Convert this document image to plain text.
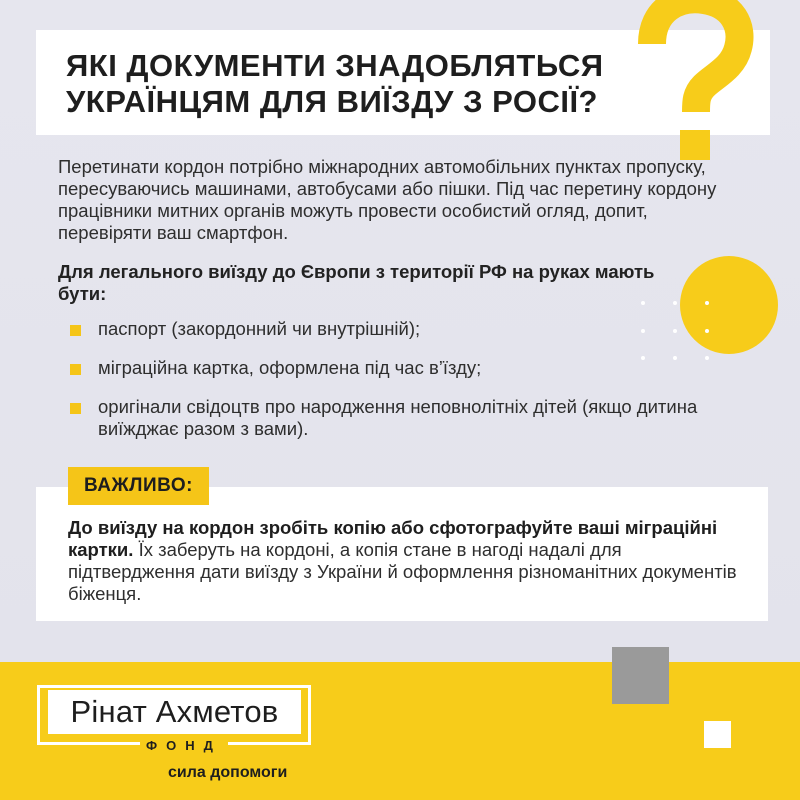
ЯКІ ДОКУМЕНТИ ЗНАДОБЛЯТЬСЯ
УКРАЇНЦЯМ ДЛЯ ВИЇЗДУ З РОСІЇ?

Перетинати кордон потрібно міжнародних автомобільних пунктах пропуску, пересуваючись машинами, автобусами або пішки. Під час перетину кордону працівники митних органів можуть провести особистий огляд, допит, перевіряти ваш смартфон.

Для легального виїзду до Європи з території РФ на руках мають бути:

паспорт (закордонний чи внутрішній);
міграційна картка, оформлена під час в’їзду;
оригінали свідоцтв про народження неповнолітніх дітей (якщо дитина виїжджає разом з вами).
ВАЖЛИВО:

До виїзду на кордон зробіть копію або сфотографуйте ваші міграційні картки. Їх заберуть на кордоні, а копія стане в нагоді надалі для підтвердження дати виїзду з України й оформлення різноманітних документів біженця.

Рінат Ахметов
ФОНД
сила допомоги
